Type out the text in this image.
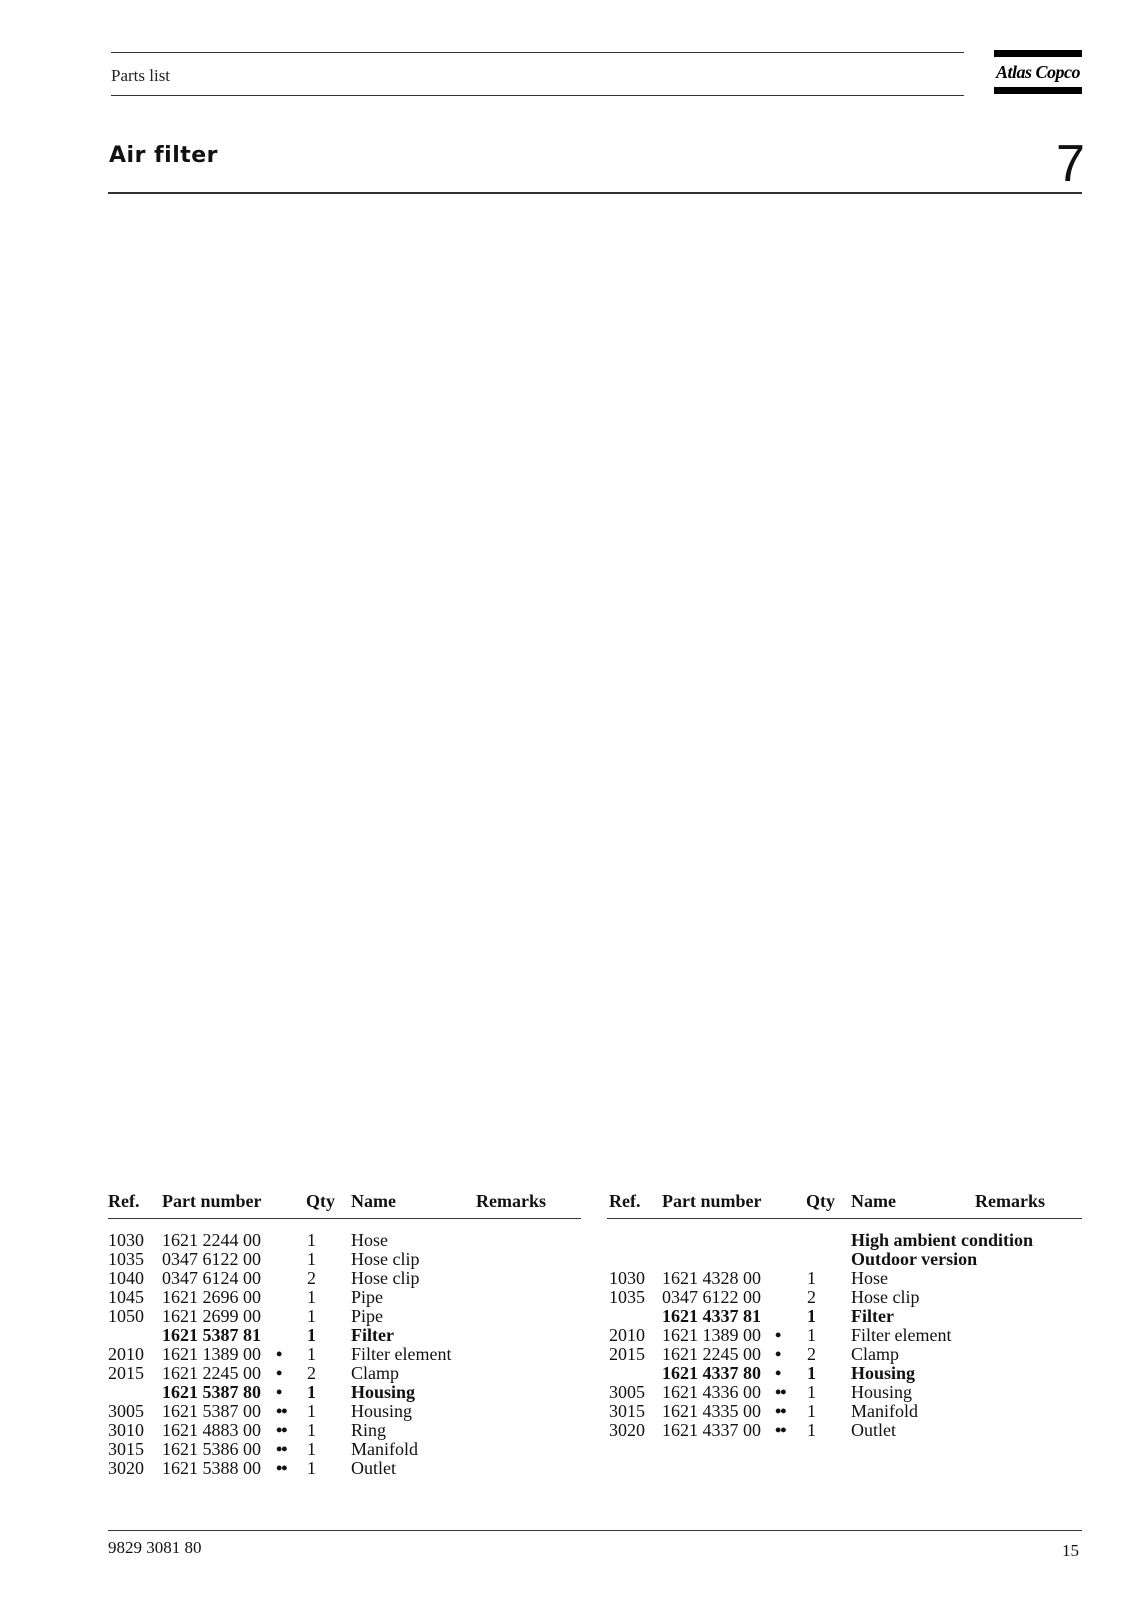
Parts list	Atlas Copco
Air filter	7
Ref. Part number Qty Name	Remarks
1030 1621 2244 00	1 Hose
1035 0347 6122 00	1 Hose clip
1040 0347 6124 00	2 Hose clip
1045 1621 2696 00	1 Pipe
1050 1621 2699 00	1 Pipe
1621 5387 81	1 Filter
2010 1621 1389 00 • 1 Filter element
2015 1621 2245 00 • 2 Clamp
1621 5387 80 • 1 Housing
3005 1621 5387 00 •• 1 Housing
3010 1621 4883 00 •• 1 Ring
3015 1621 5386 00 •• 1 Manifold
3020 1621 5388 00 •• 1 Outlet
Ref. Part number Qty Name	Remarks
High ambient condition
Outdoor version
1030 1621 4328 00	1 Hose
1035 0347 6122 00	2 Hose clip
1621 4337 81	1 Filter
2010 1621 1389 00 • 1 Filter element
2015 1621 2245 00 • 2 Clamp
1621 4337 80 • 1 Housing
3005 1621 4336 00 •• 1 Housing
3015 1621 4335 00 •• 1 Manifold
3020 1621 4337 00 •• 1 Outlet
9829 3081 80	15
